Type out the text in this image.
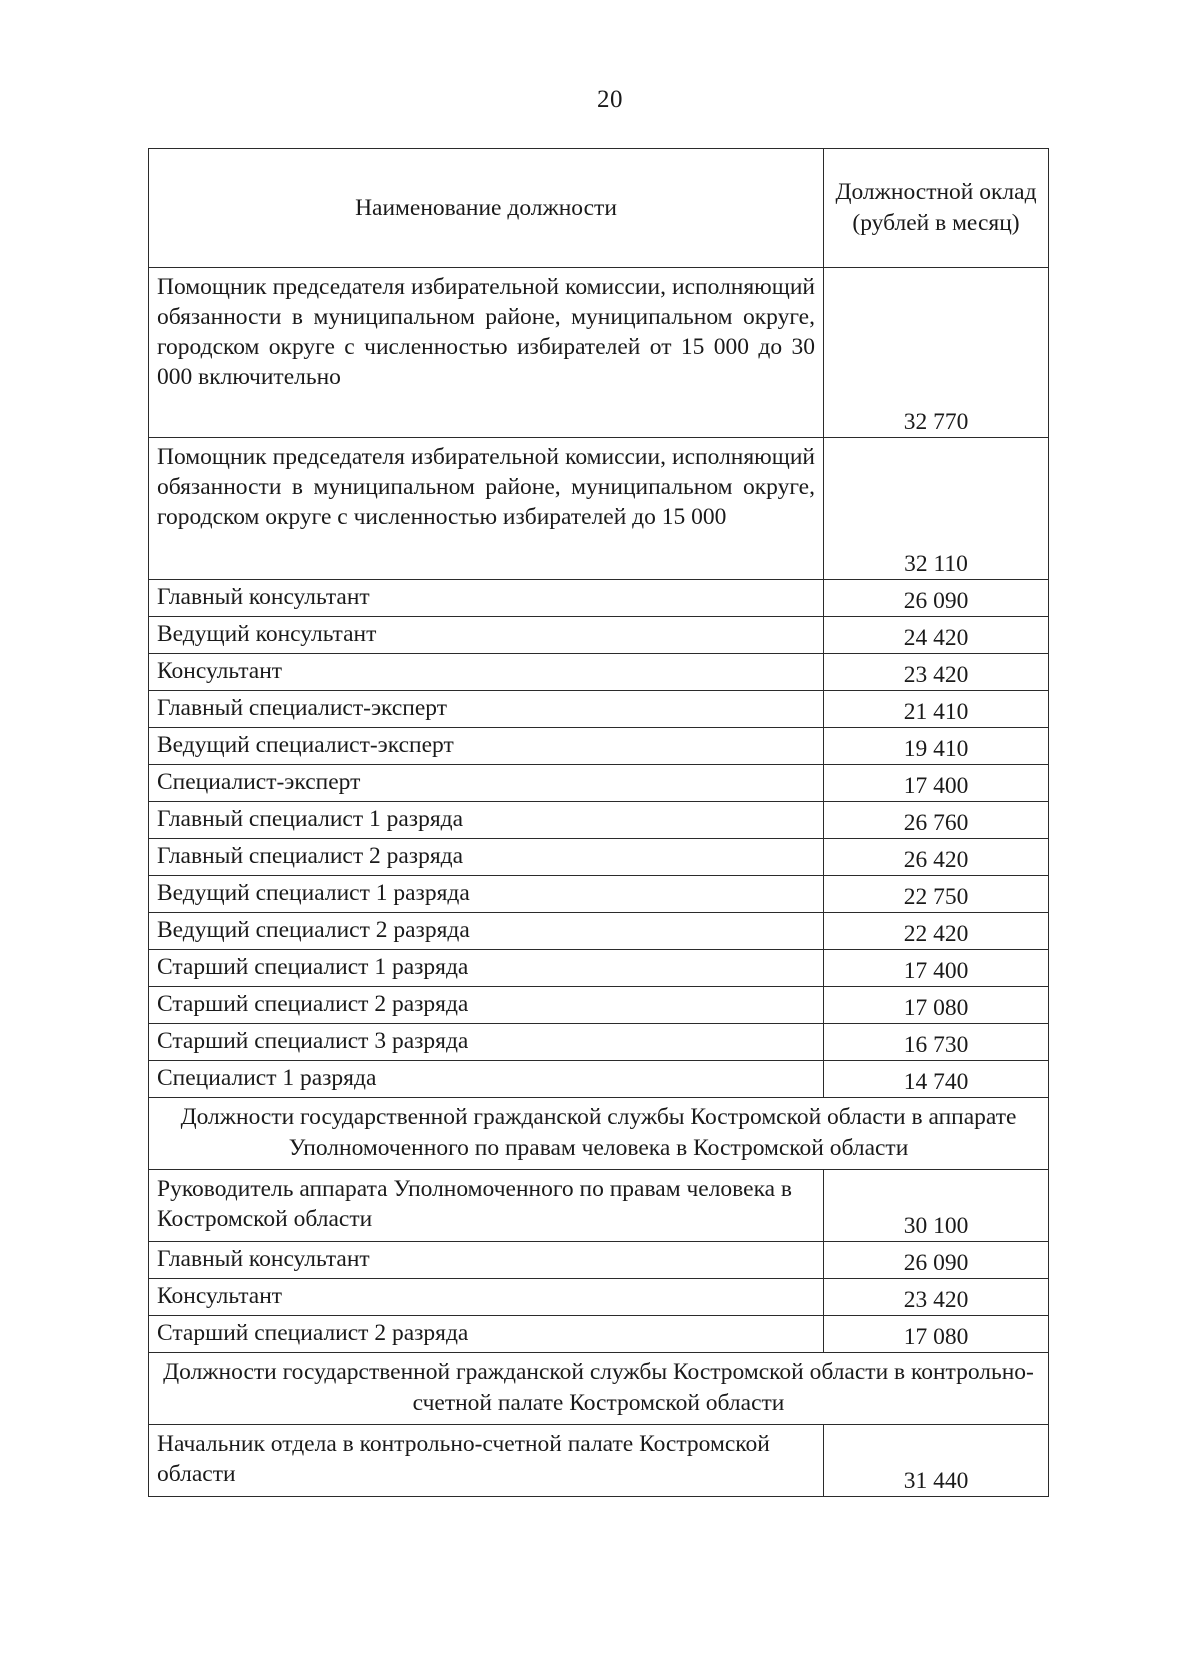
20
Наименование должности	Должностной оклад (рублей в месяц)
Помощник председателя избирательной комиссии, исполняющий обязанности в муниципальном районе, муниципальном округе, городском округе с численностью избирателей от 15 000 до 30 000 включительно	32 770
Помощник председателя избирательной комиссии, исполняющий обязанности в муниципальном районе, муниципальном округе, городском округе с численностью избирателей до 15 000	32 110
Главный консультант	26 090
Ведущий консультант	24 420
Консультант	23 420
Главный специалист-эксперт	21 410
Ведущий специалист-эксперт	19 410
Специалист-эксперт	17 400
Главный специалист 1 разряда	26 760
Главный специалист 2 разряда	26 420
Ведущий специалист 1 разряда	22 750
Ведущий специалист 2 разряда	22 420
Старший специалист 1 разряда	17 400
Старший специалист 2 разряда	17 080
Старший специалист 3 разряда	16 730
Специалист 1 разряда	14 740
Должности государственной гражданской службы Костромской области в аппарате Уполномоченного по правам человека в Костромской области	
Руководитель аппарата Уполномоченного по правам человека в Костромской области	30 100
Главный консультант	26 090
Консультант	23 420
Старший специалист 2 разряда	17 080
Должности государственной гражданской службы Костромской области в контрольно-счетной палате Костромской области	
Начальник отдела в контрольно-счетной палате Костромской области	31 440
